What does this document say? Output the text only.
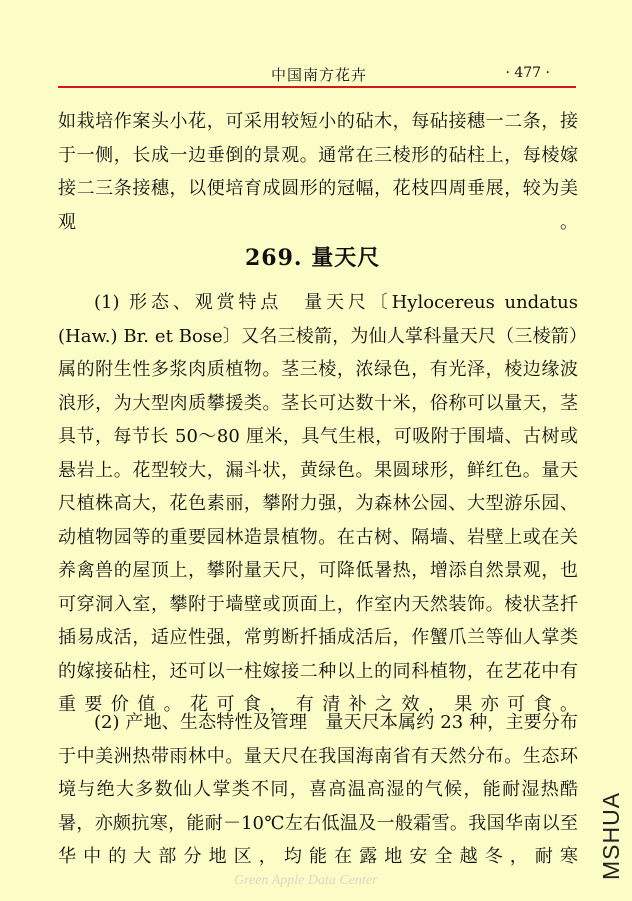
中国南方花卉	· 477 ·

如栽培作案头小花，可采用较短小的砧木，每砧接穗一二条，接于一侧，长成一边垂倒的景观。通常在三棱形的砧柱上，每棱嫁接二三条接穗，以便培育成圆形的冠幅，花枝四周垂展，较为美观。

269. 量天尺

(1) 形态、观赏特点　量天尺〔Hylocereus undatus (Haw.) Br. et Bose〕又名三棱箭，为仙人掌科量天尺（三棱箭）属的附生性多浆肉质植物。茎三棱，浓绿色，有光泽，棱边缘波浪形，为大型肉质攀援类。茎长可达数十米，俗称可以量天，茎具节，每节长 50～80 厘米，具气生根，可吸附于围墙、古树或悬岩上。花型较大，漏斗状，黄绿色。果圆球形，鲜红色。量天尺植株高大，花色素丽，攀附力强，为森林公园、大型游乐园、动植物园等的重要园林造景植物。在古树、隔墙、岩壁上或在关养禽兽的屋顶上，攀附量天尺，可降低暑热，增添自然景观，也可穿洞入室，攀附于墙壁或顶面上，作室内天然装饰。棱状茎扦插易成活，适应性强，常剪断扦插成活后，作蟹爪兰等仙人掌类的嫁接砧柱，还可以一柱嫁接二种以上的同科植物，在艺花中有重要价值。花可食，有清补之效，果亦可食。

(2) 产地、生态特性及管理　量天尺本属约 23 种，主要分布于中美洲热带雨林中。量天尺在我国海南省有天然分布。生态环境与绝大多数仙人掌类不同，喜高温高湿的气候，能耐湿热酷暑，亦颇抗寒，能耐－10℃左右低温及一般霜雪。我国华南以至华中的大部分地区，均能在露地安全越冬，耐寒

Green Apple Data Center
MSHUA
